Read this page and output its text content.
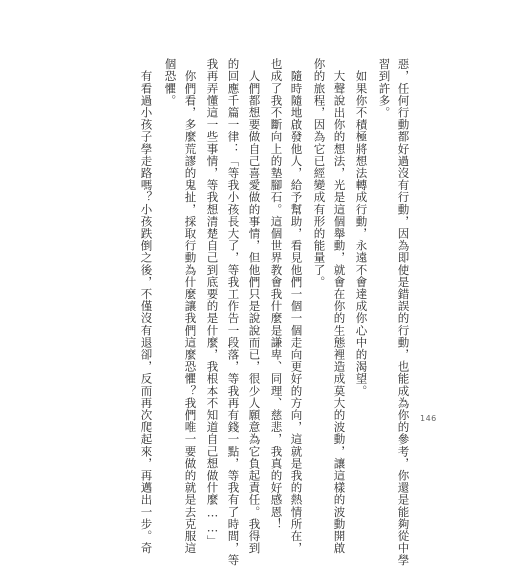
惡，任何行動都好過沒有行動，因為即使是錯誤的行動，也能成為你的參考，你還是能夠從中學
習到許多。
　如果你不積極將想法轉成行動，永遠不會達成你心中的渴望。
　大聲說出你的想法，光是這個舉動，就會在你的生態裡造成莫大的波動，讓這樣的波動開啟
你的旅程，因為它已經變成有形的能量了。
　隨時隨地啟發他人，給予幫助，看見他們一個一個走向更好的方向，這就是我的熱情所在，
也成了我不斷向上的墊腳石。這個世界教會我什麼是謙卑、同理、慈悲，我真的好感恩！
　人們都想要做自己喜愛做的事情，但他們只是說說而已，很少人願意為它負起責任。我得到
的回應千篇一律：「等我小孩長大了，等我工作告一段落，等我再有錢一點，等我有了時間，等
我再弄懂這一些事情，等我想清楚自己到底要的是什麼，我根本不知道自己想做什麼……」
　你們看，多麼荒謬的鬼扯，採取行動為什麼讓我們這麼恐懼？我們唯一要做的就是去克服這
個恐懼。
　有看過小孩子學走路嗎？小孩跌倒之後，不僅沒有退卻，反而再次爬起來，再邁出一步。奇	146
